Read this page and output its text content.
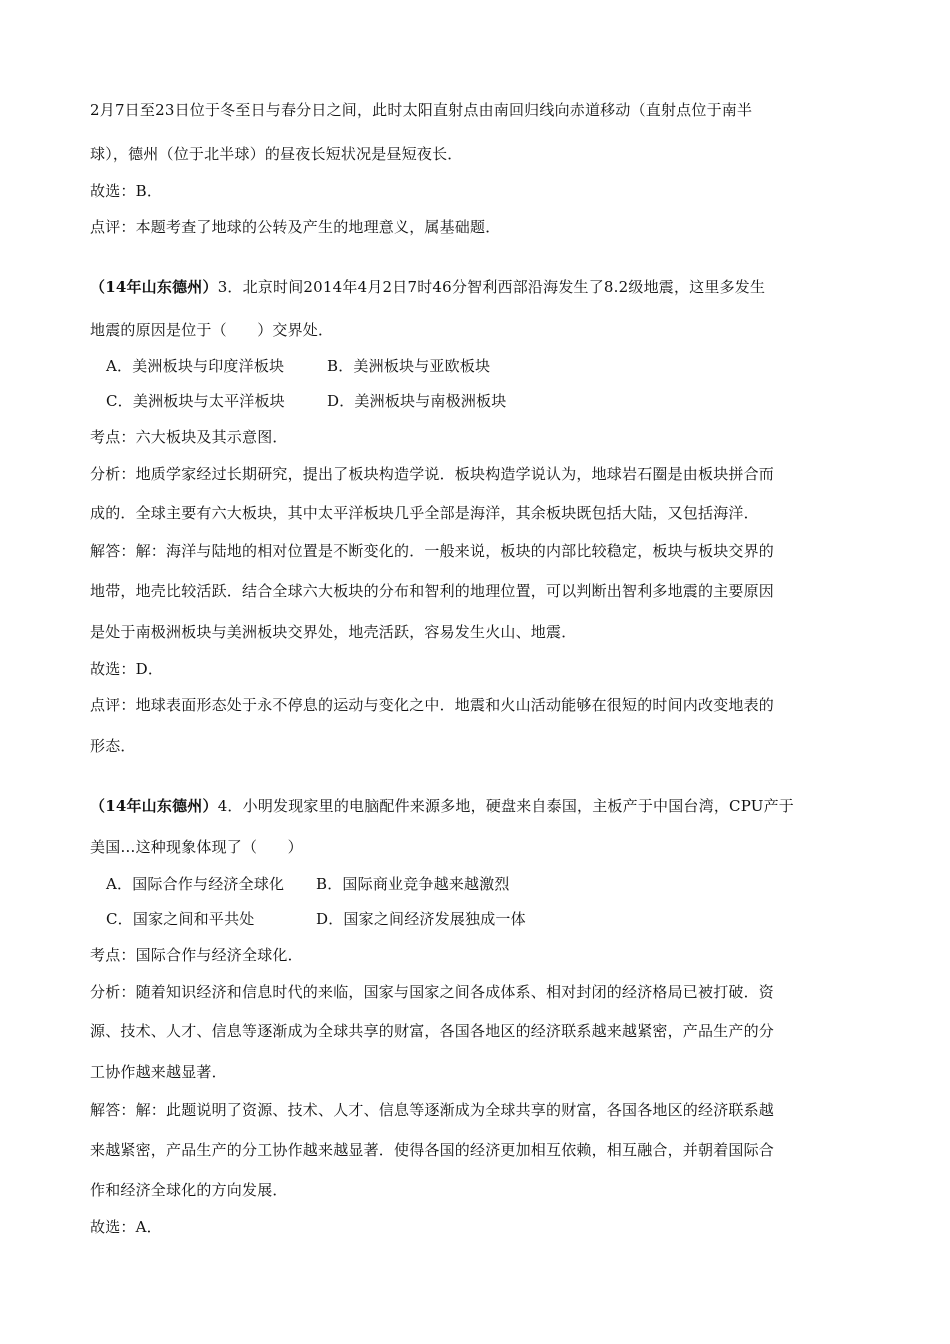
2月7日至23日位于冬至日与春分日之间，此时太阳直射点由南回归线向赤道移动（直射点位于南半
球），德州（位于北半球）的昼夜长短状况是昼短夜长．
故选：B．
点评：本题考查了地球的公转及产生的地理意义，属基础题．
（14年山东德州）3．北京时间2014年4月2日7时46分智利西部沿海发生了8.2级地震，这里多发生
地震的原因是位于（　　）交界处．
A．美洲板块与印度洋板块	B．美洲板块与亚欧板块
C．美洲板块与太平洋板块	D．美洲板块与南极洲板块
考点：六大板块及其示意图．
分析：地质学家经过长期研究，提出了板块构造学说．板块构造学说认为，地球岩石圈是由板块拼合而
成的．全球主要有六大板块，其中太平洋板块几乎全部是海洋，其余板块既包括大陆，又包括海洋．
解答：解：海洋与陆地的相对位置是不断变化的．一般来说，板块的内部比较稳定，板块与板块交界的
地带，地壳比较活跃．结合全球六大板块的分布和智利的地理位置，可以判断出智利多地震的主要原因
是处于南极洲板块与美洲板块交界处，地壳活跃，容易发生火山、地震．
故选：D．
点评：地球表面形态处于永不停息的运动与变化之中．地震和火山活动能够在很短的时间内改变地表的
形态．
（14年山东德州）4．小明发现家里的电脑配件来源多地，硬盘来自泰国，主板产于中国台湾，CPU产于
美国…这种现象体现了（　　）
A．国际合作与经济全球化 B．国际商业竞争越来越激烈
C．国家之间和平共处	D．国家之间经济发展独成一体
考点：国际合作与经济全球化．
分析：随着知识经济和信息时代的来临，国家与国家之间各成体系、相对封闭的经济格局已被打破．资
源、技术、人才、信息等逐渐成为全球共享的财富，各国各地区的经济联系越来越紧密，产品生产的分
工协作越来越显著．
解答：解：此题说明了资源、技术、人才、信息等逐渐成为全球共享的财富，各国各地区的经济联系越
来越紧密，产品生产的分工协作越来越显著．使得各国的经济更加相互依赖，相互融合，并朝着国际合
作和经济全球化的方向发展．
故选：A．
